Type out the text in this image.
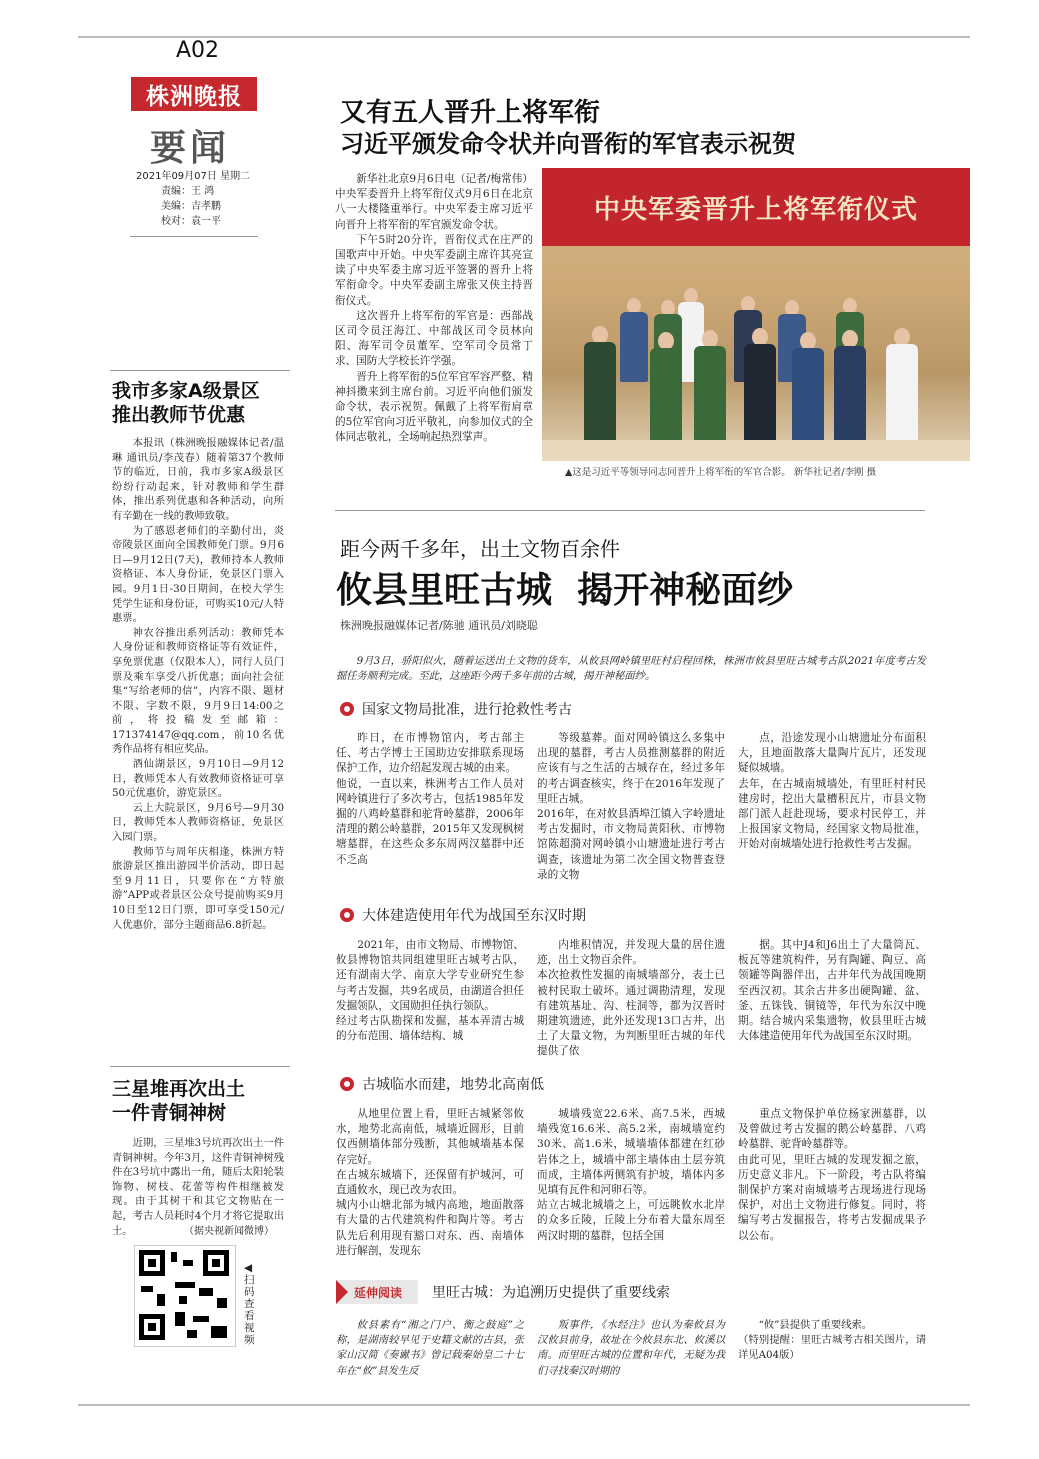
A02
株洲晚报
要闻
2021年09月07日 星期二
责编：王 鸿
美编：吉孝鹏
校对：袁一平
又有五人晋升上将军衔
习近平颁发命令状并向晋衔的军官表示祝贺

新华社北京9月6日电（记者/梅常伟）中央军委晋升上将军衔仪式9月6日在北京八一大楼隆重举行。中央军委主席习近平向晋升上将军衔的军官颁发命令状。

下午5时20分许，晋衔仪式在庄严的国歌声中开始。中央军委副主席许其亮宣读了中央军委主席习近平签署的晋升上将军衔命令。中央军委副主席张又侠主持晋衔仪式。

这次晋升上将军衔的军官是：西部战区司令员汪海江、中部战区司令员林向阳、海军司令员董军、空军司令员常丁求、国防大学校长许学强。

晋升上将军衔的5位军官军容严整、精神抖擞来到主席台前。习近平向他们颁发命令状，表示祝贺。佩戴了上将军衔肩章的5位军官向习近平敬礼，向参加仪式的全体同志敬礼，全场响起热烈掌声。

中央军委晋升上将军衔仪式
▲这是习近平等领导同志同晋升上将军衔的军官合影。 新华社记者/李刚 摄
我市多家A级景区
推出教师节优惠

本报讯（株洲晚报融媒体记者/温琳 通讯员/李茂春）随着第37个教师节的临近，日前，我市多家A级景区纷纷行动起来，针对教师和学生群体，推出系列优惠和各种活动，向所有辛勤在一线的教师致敬。

为了感恩老师们的辛勤付出，炎帝陵景区面向全国教师免门票。9月6日—9月12日(7天)，教师持本人教师资格证、本人身份证，免景区门票入园。9月1日-30日期间，在校大学生凭学生证和身份证，可购买10元/人特惠票。

神农谷推出系列活动：教师凭本人身份证和教师资格证等有效证件，享免票优惠（仅限本人），同行人员门票及乘车享受八折优惠；面向社会征集“写给老师的信”，内容不限、题材不限、字数不限，9月9日14:00之前，将投稿发至邮箱：171374147@qq.com，前10名优秀作品将有相应奖品。

酒仙湖景区，9月10日—9月12日，教师凭本人有效教师资格证可享50元优惠价，游览景区。

云上大院景区，9月6号—9月30日，教师凭本人教师资格证，免景区入园门票。

教师节与周年庆相逢，株洲方特旅游景区推出游园半价活动，即日起至9月11日，只要你在“方特旅游”APP或者景区公众号提前购买9月10日至12日门票，即可享受150元/人优惠价，部分主题商品6.8折起。

三星堆再次出土
一件青铜神树

近期，三星堆3号坑再次出土一件青铜神树。今年3月，这件青铜神树残件在3号坑中露出一角，随后太阳轮装饰物、树枝、花蕾等构件相继被发现。由于其树干和其它文物贴在一起，考古人员耗时4个月才将它提取出土。	（据央视新闻微博）
◀扫码查看视频
距今两千多年，出土文物百余件
攸县里旺古城  揭开神秘面纱
株洲晚报融媒体记者/陈驰 通讯员/刘晓聪

9月3日，骄阳似火，随着运送出土文物的货车，从攸县网岭镇里旺村启程回株，株洲市攸县里旺古城考古队2021年度考古发掘任务顺利完成。至此，这座距今两千多年前的古城，揭开神秘面纱。

国家文物局批准，进行抢救性考古

昨日，在市博物馆内，考古部主任、考古学博士王国助边安排联系现场保护工作，边介绍起发现古城的由来。
他说，一直以来，株洲考古工作人员对网岭镇进行了多次考古，包括1985年发掘的八鸡岭墓群和驼背岭墓群，2006年清理的鹅公岭墓群，2015年又发现枫树塘墓群，在这些众多东周两汉墓群中还不乏高

等级墓葬。面对网岭镇这么多集中出现的墓群，考古人员推测墓群的附近应该有与之生活的古城存在，经过多年的考古调查核实，终于在2016年发现了里旺古城。
2016年，在对攸县酒埠江镇入字岭遗址考古发掘时，市文物局黄阳秋、市博物馆陈超漪对网岭镇小山塘遗址进行考古调查，该遗址为第二次全国文物普查登录的文物

点，沿途发现小山塘遗址分布面积大，且地面散落大量陶片瓦片，还发现疑似城墙。
去年，在古城南城墙处，有里旺村村民建房时，挖出大量槽积瓦片，市县文物部门派人赶赴现场，要求村民停工，并上报国家文物局，经国家文物局批准，开始对南城墙处进行抢救性考古发掘。

大体建造使用年代为战国至东汉时期

2021年，由市文物局、市博物馆、攸县博物馆共同组建里旺古城考古队，还有湖南大学、南京大学专业研究生参与考古发掘，共9名成员，由湖道合担任发掘领队，文国勋担任执行领队。
经过考古队勘探和发掘，基本弄清古城的分布范围、墙体结构、城

内堆积情况，并发现大量的居住遗迹，出土文物百余件。
本次抢救性发掘的南城墙部分，表土已被村民取土破坏。通过调勘清理，发现有建筑基址、沟、柱洞等，都为汉晋时期建筑遗迹，此外还发现13口古井，出土了大量文物，为判断里旺古城的年代提供了依

据。其中J4和J6出土了大量筒瓦、板瓦等建筑构件，另有陶罐、陶豆、高领罐等陶器伴出，古井年代为战国晚期至西汉初。其余古井多出硬陶罐、盆、釜、五铢钱、铜镜等，年代为东汉中晚期。结合城内采集遗物，攸县里旺古城大体建造使用年代为战国至东汉时期。

古城临水而建，地势北高南低

从地里位置上看，里旺古城紧邻攸水，地势北高南低，城墙近圆形，目前仅西侧墙体部分残断，其他城墙基本保存完好。
在古城东城墙下，还保留有护城河，可直通攸水，现已改为农田。
城内小山塘北部为城内高地，地面散落有大量的古代建筑构件和陶片等。考古队先后利用现有豁口对东、西、南墙体进行解剖，发现东

城墙残宽22.6米、高7.5米，西城墙残宽16.6米、高5.2米，南城墙宽约30米、高1.6米，城墙墙体都建在红砂岩体之上，城墙中部主墙体由土层夯筑而成，主墙体两侧筑有护坡，墙体内多见填有瓦件和河卵石等。
站立古城北城墙之上，可远眺攸水北岸的众多丘陵，丘陵上分布着大量东周至两汉时期的墓群，包括全国

重点文物保护单位杨家洲墓群，以及曾做过考古发掘的鹅公岭墓群、八鸡岭墓群、驼背岭墓群等。
由此可见，里旺古城的发现发掘之旅，历史意义非凡。下一阶段，考古队将编制保护方案对南城墙考古现场进行现场保护，对出土文物进行修复。同时，将编写考古发掘报告，将考古发掘成果予以公布。

延伸阅读 里旺古城：为追溯历史提供了重要线索

攸县素有“湘之门户、衡之鼓庭”之称，是湖南较早见于史籍文献的古县，张家山汉简《奏谳书》曾记载秦始皇二十七年在“攸”县发生反

叛事件，《水经注》也认为秦攸县为汉攸县前身，故址在今攸县东北、攸溪以南。而里旺古城的位置和年代，无疑为我们寻找秦汉时期的

“攸”县提供了重要线索。
（特别提醒：里旺古城考古相关图片，请详见A04版）
